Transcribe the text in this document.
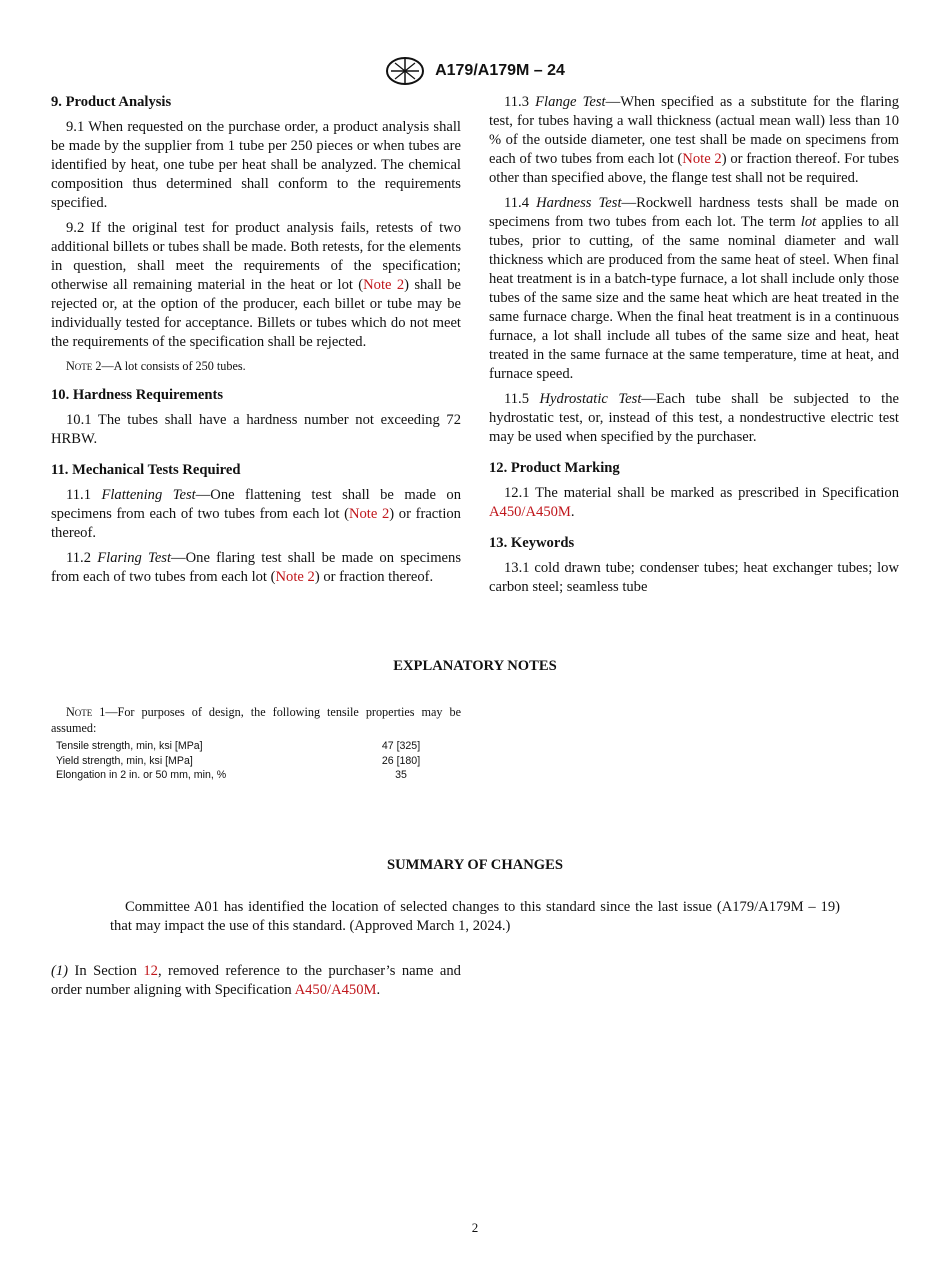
A179/A179M – 24
9. Product Analysis

9.1 When requested on the purchase order, a product analysis shall be made by the supplier from 1 tube per 250 pieces or when tubes are identified by heat, one tube per heat shall be analyzed. The chemical composition thus determined shall conform to the requirements specified.

9.2 If the original test for product analysis fails, retests of two additional billets or tubes shall be made. Both retests, for the elements in question, shall meet the requirements of the specification; otherwise all remaining material in the heat or lot (Note 2) shall be rejected or, at the option of the producer, each billet or tube may be individually tested for acceptance. Billets or tubes which do not meet the requirements of the specification shall be rejected.

Note 2—A lot consists of 250 tubes.
10. Hardness Requirements

10.1 The tubes shall have a hardness number not exceeding 72 HRBW.

11. Mechanical Tests Required

11.1 Flattening Test—One flattening test shall be made on specimens from each of two tubes from each lot (Note 2) or fraction thereof.

11.2 Flaring Test—One flaring test shall be made on specimens from each of two tubes from each lot (Note 2) or fraction thereof.

11.3 Flange Test—When specified as a substitute for the flaring test, for tubes having a wall thickness (actual mean wall) less than 10 % of the outside diameter, one test shall be made on specimens from each of two tubes from each lot (Note 2) or fraction thereof. For tubes other than specified above, the flange test shall not be required.

11.4 Hardness Test—Rockwell hardness tests shall be made on specimens from two tubes from each lot. The term lot applies to all tubes, prior to cutting, of the same nominal diameter and wall thickness which are produced from the same heat of steel. When final heat treatment is in a batch-type furnace, a lot shall include only those tubes of the same size and the same heat which are heat treated in the same furnace charge. When the final heat treatment is in a continuous furnace, a lot shall include all tubes of the same size and heat, heat treated in the same furnace at the same temperature, time at heat, and furnace speed.

11.5 Hydrostatic Test—Each tube shall be subjected to the hydrostatic test, or, instead of this test, a nondestructive electric test may be used when specified by the purchaser.

12. Product Marking

12.1 The material shall be marked as prescribed in Specification A450/A450M.

13. Keywords

13.1 cold drawn tube; condenser tubes; heat exchanger tubes; low carbon steel; seamless tube

EXPLANATORY NOTES
Note 1—For purposes of design, the following tensile properties may be assumed:
Tensile strength, min, ksi [MPa]	47 [325]
Yield strength, min, ksi [MPa]	26 [180]
Elongation in 2 in. or 50 mm, min, %	35
SUMMARY OF CHANGES
Committee A01 has identified the location of selected changes to this standard since the last issue (A179/A179M – 19) that may impact the use of this standard. (Approved March 1, 2024.)
(1) In Section 12, removed reference to the purchaser’s name and order number aligning with Specification A450/A450M.
2
